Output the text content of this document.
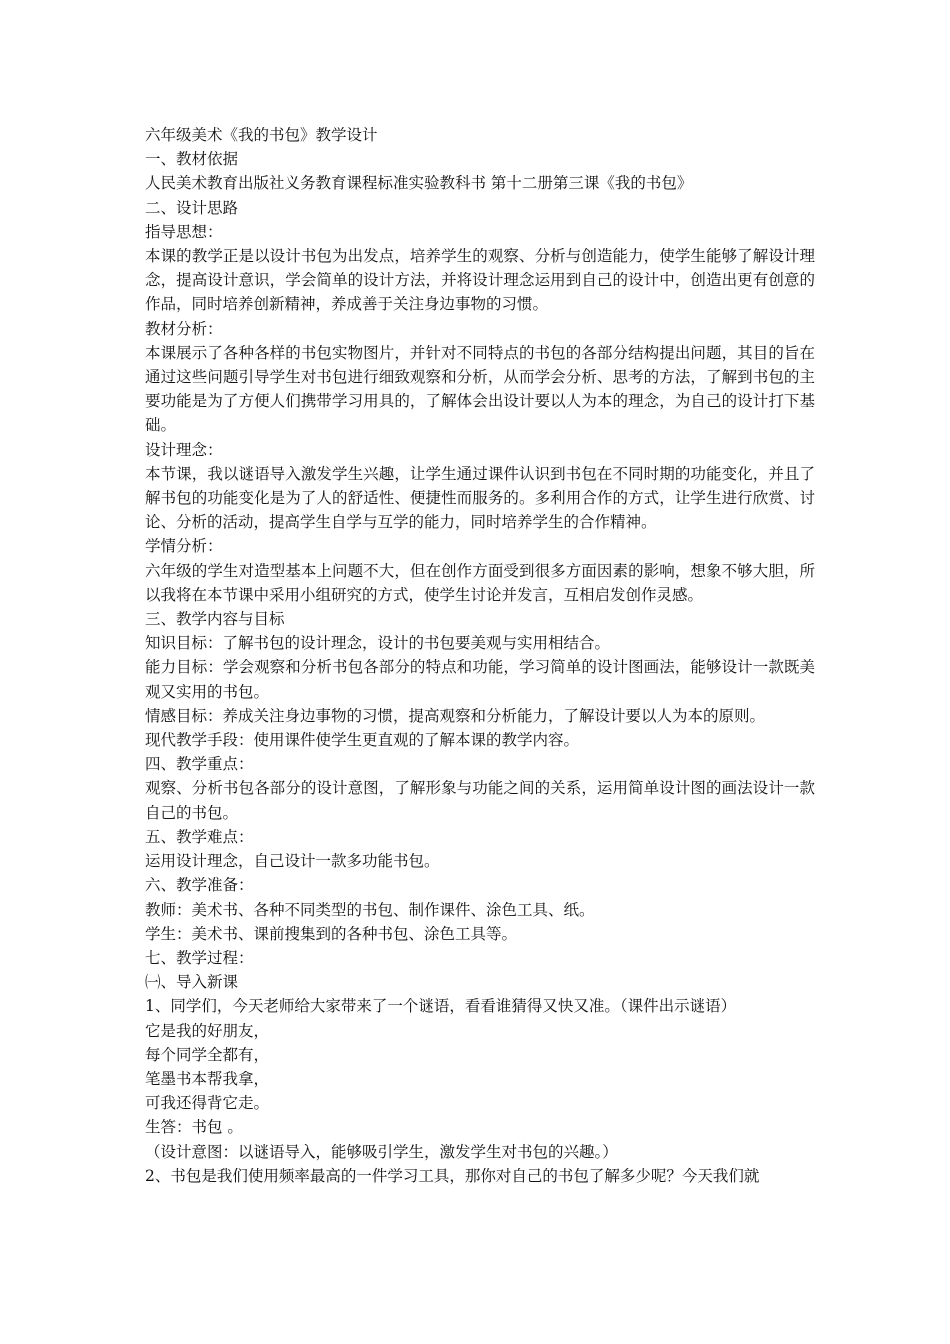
六年级美术《我的书包》教学设计
一、教材依据
人民美术教育出版社义务教育课程标准实验教科书 第十二册第三课《我的书包》
二、设计思路
指导思想：
本课的教学正是以设计书包为出发点，培养学生的观察、分析与创造能力，使学生能够了解设计理念，提高设计意识，学会简单的设计方法，并将设计理念运用到自己的设计中，创造出更有创意的作品，同时培养创新精神，养成善于关注身边事物的习惯。
教材分析：
本课展示了各种各样的书包实物图片，并针对不同特点的书包的各部分结构提出问题，其目的旨在通过这些问题引导学生对书包进行细致观察和分析，从而学会分析、思考的方法，了解到书包的主要功能是为了方便人们携带学习用具的，了解体会出设计要以人为本的理念，为自己的设计打下基础。
设计理念：
本节课，我以谜语导入激发学生兴趣，让学生通过课件认识到书包在不同时期的功能变化，并且了解书包的功能变化是为了人的舒适性、便捷性而服务的。多利用合作的方式，让学生进行欣赏、讨论、分析的活动，提高学生自学与互学的能力，同时培养学生的合作精神。
学情分析：
六年级的学生对造型基本上问题不大，但在创作方面受到很多方面因素的影响，想象不够大胆，所以我将在本节课中采用小组研究的方式，使学生讨论并发言，互相启发创作灵感。
三、教学内容与目标
知识目标：了解书包的设计理念，设计的书包要美观与实用相结合。
能力目标：学会观察和分析书包各部分的特点和功能，学习简单的设计图画法，能够设计一款既美观又实用的书包。
情感目标：养成关注身边事物的习惯，提高观察和分析能力，了解设计要以人为本的原则。
现代教学手段：使用课件使学生更直观的了解本课的教学内容。
四、教学重点：
观察、分析书包各部分的设计意图，了解形象与功能之间的关系，运用简单设计图的画法设计一款自己的书包。
五、教学难点：
运用设计理念，自己设计一款多功能书包。
六、教学准备：
教师：美术书、各种不同类型的书包、制作课件、涂色工具、纸。
学生：美术书、课前搜集到的各种书包、涂色工具等。
七、教学过程：
㈠、导入新课
1、同学们，今天老师给大家带来了一个谜语，看看谁猜得又快又准。（课件出示谜语）
它是我的好朋友，
每个同学全都有，
笔墨书本帮我拿，
可我还得背它走。
生答：书包 。
（设计意图：以谜语导入，能够吸引学生，激发学生对书包的兴趣。）
2、书包是我们使用频率最高的一件学习工具，那你对自己的书包了解多少呢？今天我们就
